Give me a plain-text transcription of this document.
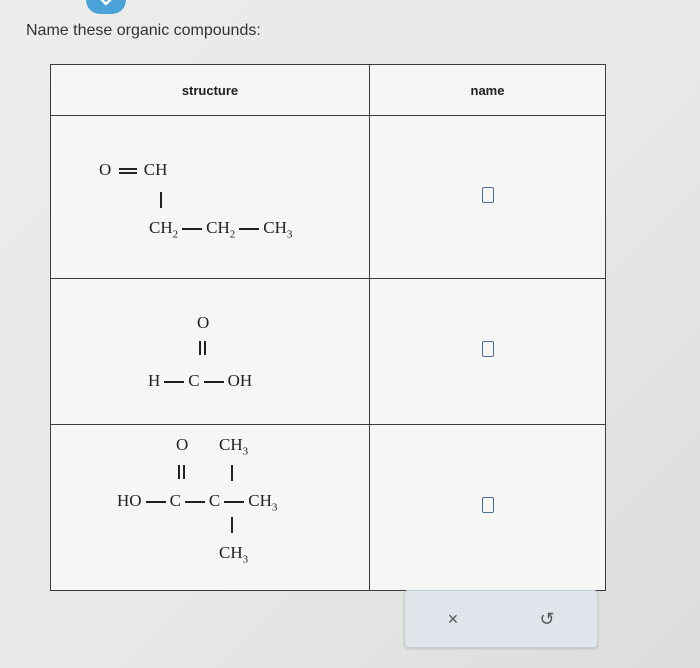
Name these organic compounds:
structure	name

O CH
$CH_2$ $CH_2$ $CH_3$

O
H C OH	

O $CH_3$
HO C C $CH_3$
$CH_3$

×	↺
